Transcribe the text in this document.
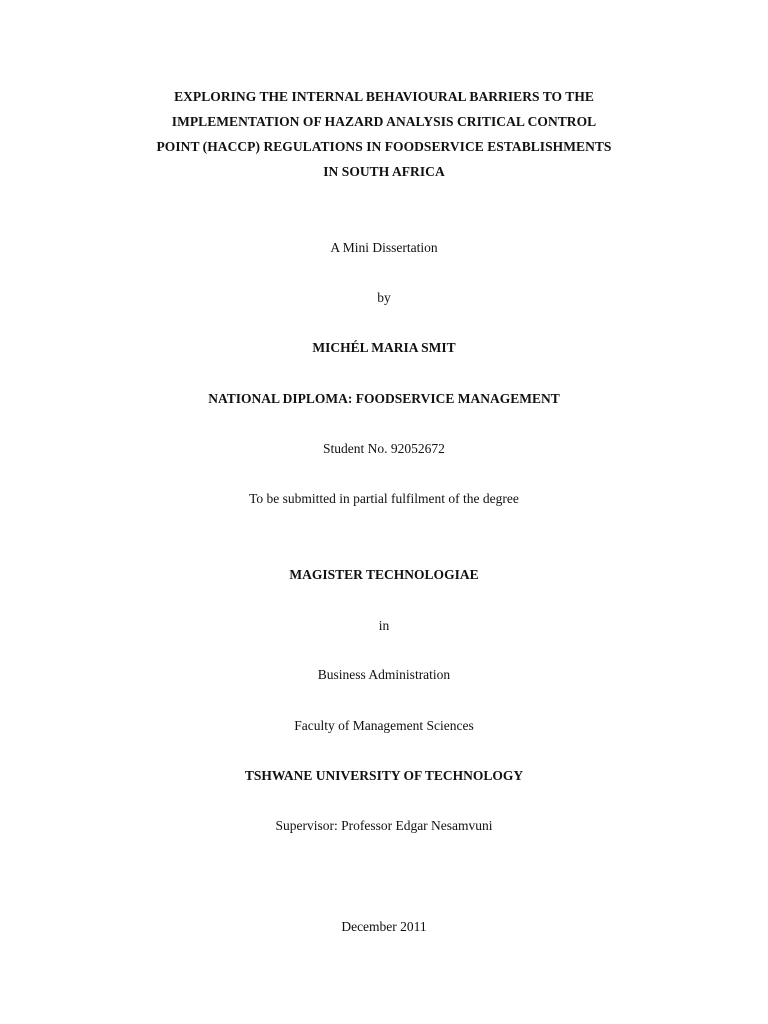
EXPLORING THE INTERNAL BEHAVIOURAL BARRIERS TO THE
IMPLEMENTATION OF HAZARD ANALYSIS CRITICAL CONTROL
POINT (HACCP) REGULATIONS IN FOODSERVICE ESTABLISHMENTS
IN SOUTH AFRICA
A Mini Dissertation
by
MICHÉL MARIA SMIT
NATIONAL DIPLOMA: FOODSERVICE MANAGEMENT
Student No. 92052672
To be submitted in partial fulfilment of the degree
MAGISTER TECHNOLOGIAE
in
Business Administration
Faculty of Management Sciences
TSHWANE UNIVERSITY OF TECHNOLOGY
Supervisor: Professor Edgar Nesamvuni
December 2011
